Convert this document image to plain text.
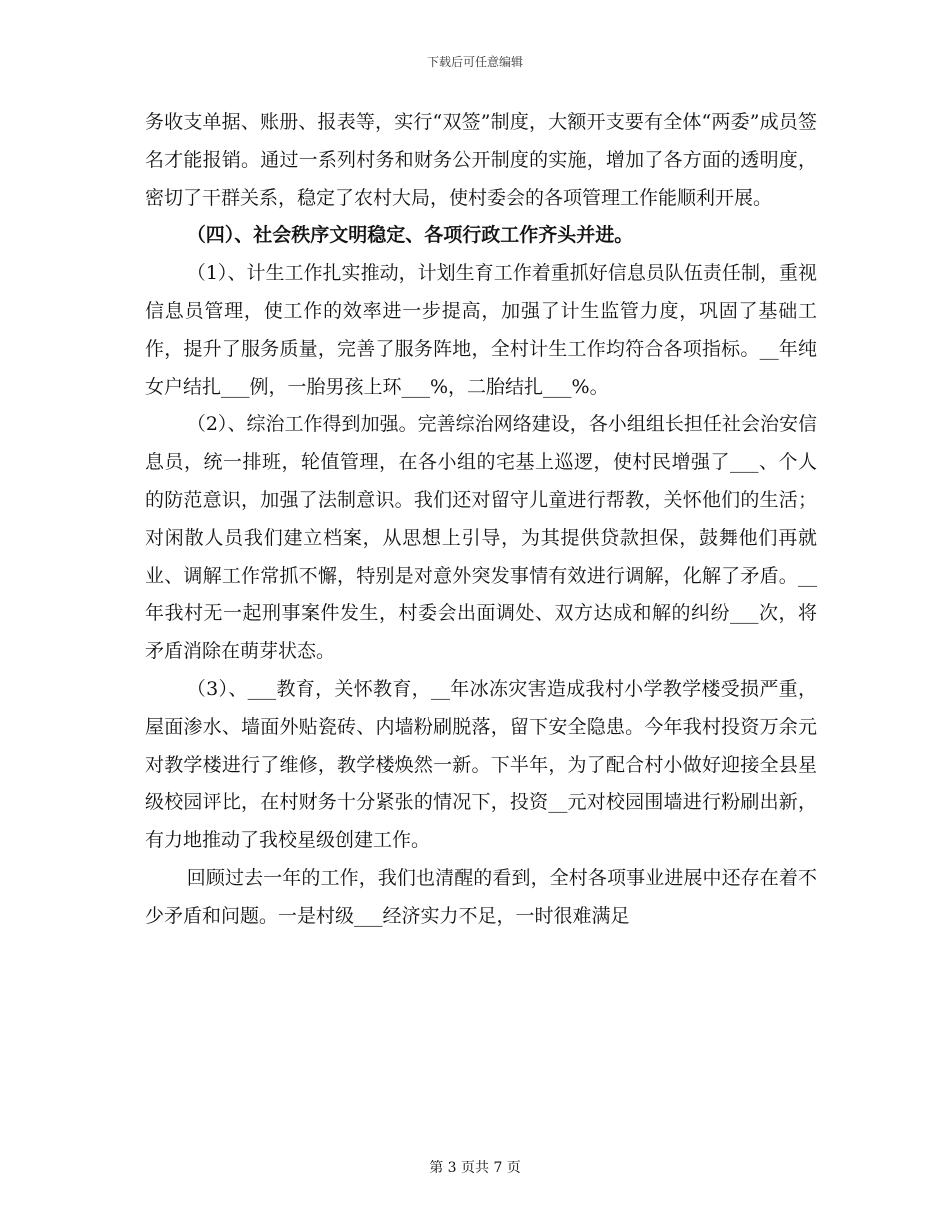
下载后可任意编辑

务收支单据、账册、报表等，实行“双签”制度，大额开支要有全体“两委”成员签名才能报销。通过一系列村务和财务公开制度的实施，增加了各方面的透明度，密切了干群关系，稳定了农村大局，使村委会的各项管理工作能顺利开展。

（四）、社会秩序文明稳定、各项行政工作齐头并进。

（1）、计生工作扎实推动，计划生育工作着重抓好信息员队伍责任制，重视信息员管理，使工作的效率进一步提高，加强了计生监管力度，巩固了基础工作，提升了服务质量，完善了服务阵地，全村计生工作均符合各项指标。__年纯女户结扎___例，一胎男孩上环___%，二胎结扎___%。

（2）、综治工作得到加强。完善综治网络建设，各小组组长担任社会治安信息员，统一排班，轮值管理，在各小组的宅基上巡逻，使村民增强了___、个人的防范意识，加强了法制意识。我们还对留守儿童进行帮教，关怀他们的生活；对闲散人员我们建立档案，从思想上引导，为其提供贷款担保，鼓舞他们再就业、调解工作常抓不懈，特别是对意外突发事情有效进行调解，化解了矛盾。__年我村无一起刑事案件发生，村委会出面调处、双方达成和解的纠纷___次，将矛盾消除在萌芽状态。

（3）、___教育，关怀教育，__年冰冻灾害造成我村小学教学楼受损严重，屋面渗水、墙面外贴瓷砖、内墙粉刷脱落，留下安全隐患。今年我村投资万余元对教学楼进行了维修，教学楼焕然一新。下半年，为了配合村小做好迎接全县星级校园评比，在村财务十分紧张的情况下，投资__元对校园围墙进行粉刷出新，有力地推动了我校星级创建工作。

回顾过去一年的工作，我们也清醒的看到，全村各项事业进展中还存在着不少矛盾和问题。一是村级___经济实力不足，一时很难满足

第 3 页共 7 页
